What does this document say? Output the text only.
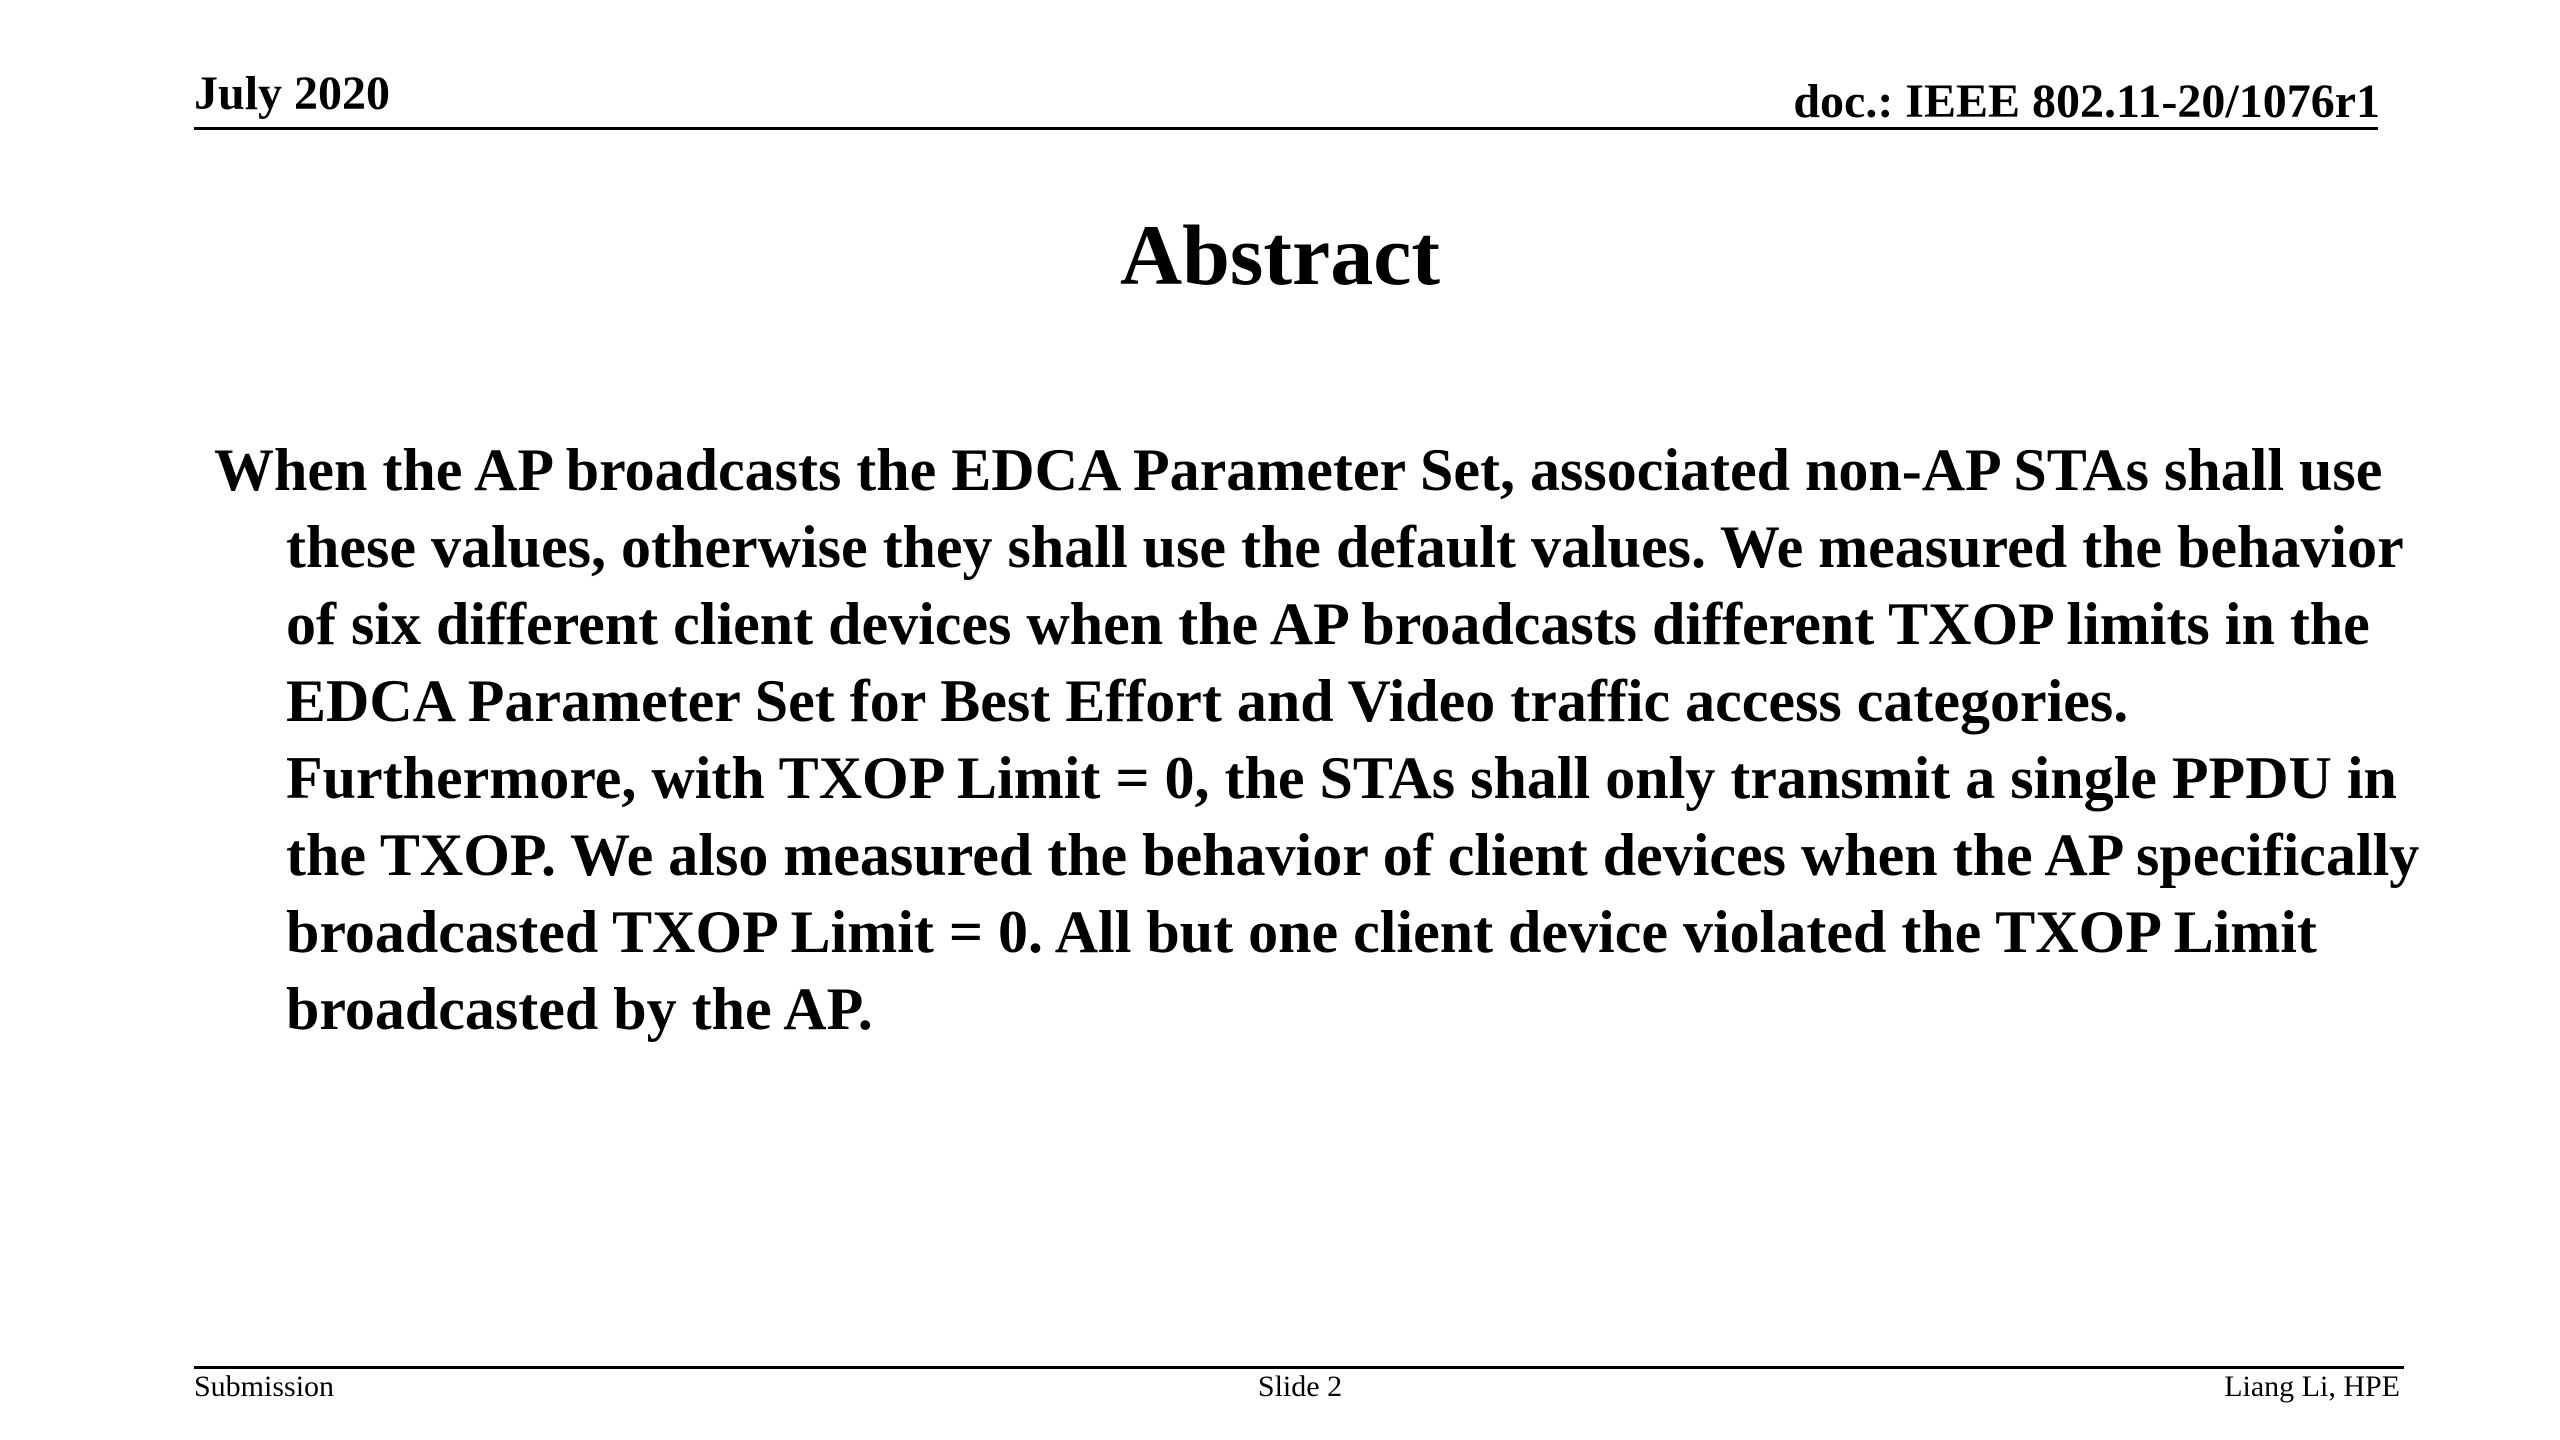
July 2020	doc.: IEEE 802.11-20/1076r1
Abstract

When the AP broadcasts the EDCA Parameter Set, associated non-AP STAs shall use these values, otherwise they shall use the default values. We measured the behavior of six different client devices when the AP broadcasts different TXOP limits in the EDCA Parameter Set for Best Effort and Video traffic access categories. Furthermore, with TXOP Limit = 0, the STAs shall only transmit a single PPDU in the TXOP. We also measured the behavior of client devices when the AP specifically broadcasted TXOP Limit = 0. All but one client device violated the TXOP Limit broadcasted by the AP.

Submission	Slide 2	Liang Li, HPE
